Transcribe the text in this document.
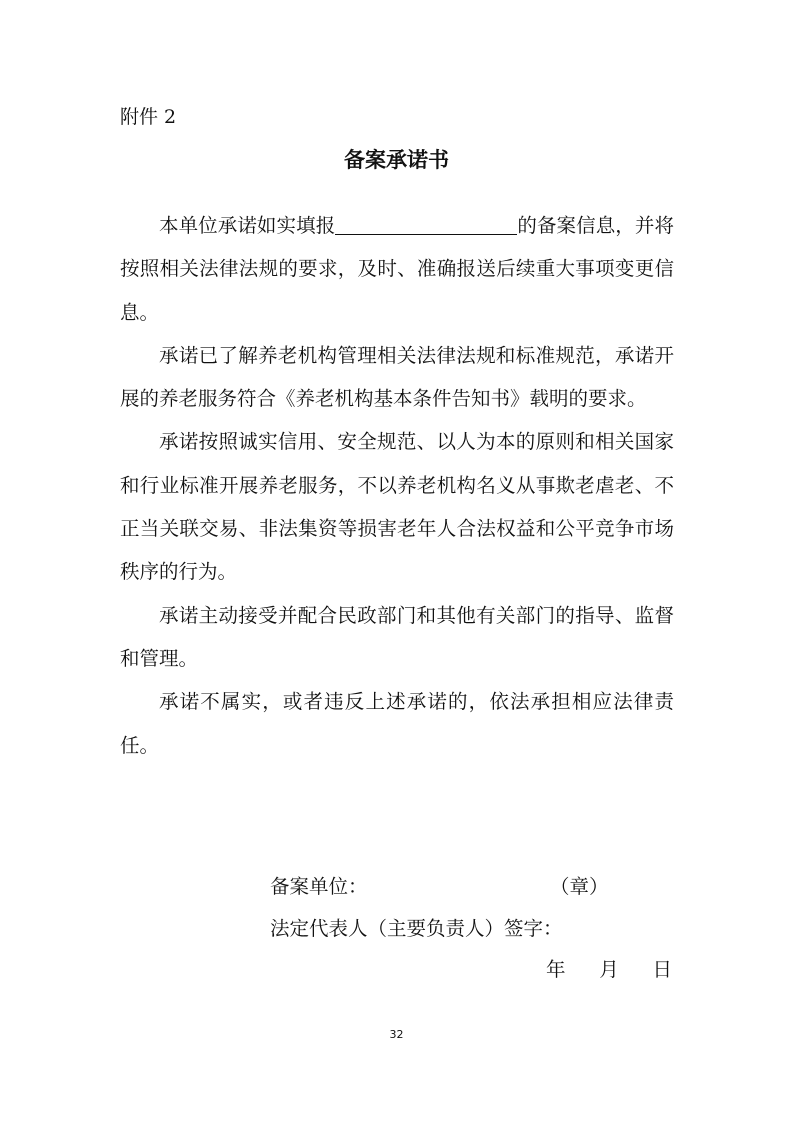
附件 2
备案承诺书

本单位承诺如实填报	的备案信息，并将按照相关法律法规的要求，及时、准确报送后续重大事项变更信息。

承诺已了解养老机构管理相关法律法规和标准规范，承诺开展的养老服务符合《养老机构基本条件告知书》载明的要求。

承诺按照诚实信用、安全规范、以人为本的原则和相关国家和行业标准开展养老服务，不以养老机构名义从事欺老虐老、不正当关联交易、非法集资等损害老年人合法权益和公平竞争市场秩序的行为。

承诺主动接受并配合民政部门和其他有关部门的指导、监督和管理。

承诺不属实，或者违反上述承诺的，依法承担相应法律责任。

备案单位：	（章）
法定代表人（主要负责人）签字：
年 月 日
32
